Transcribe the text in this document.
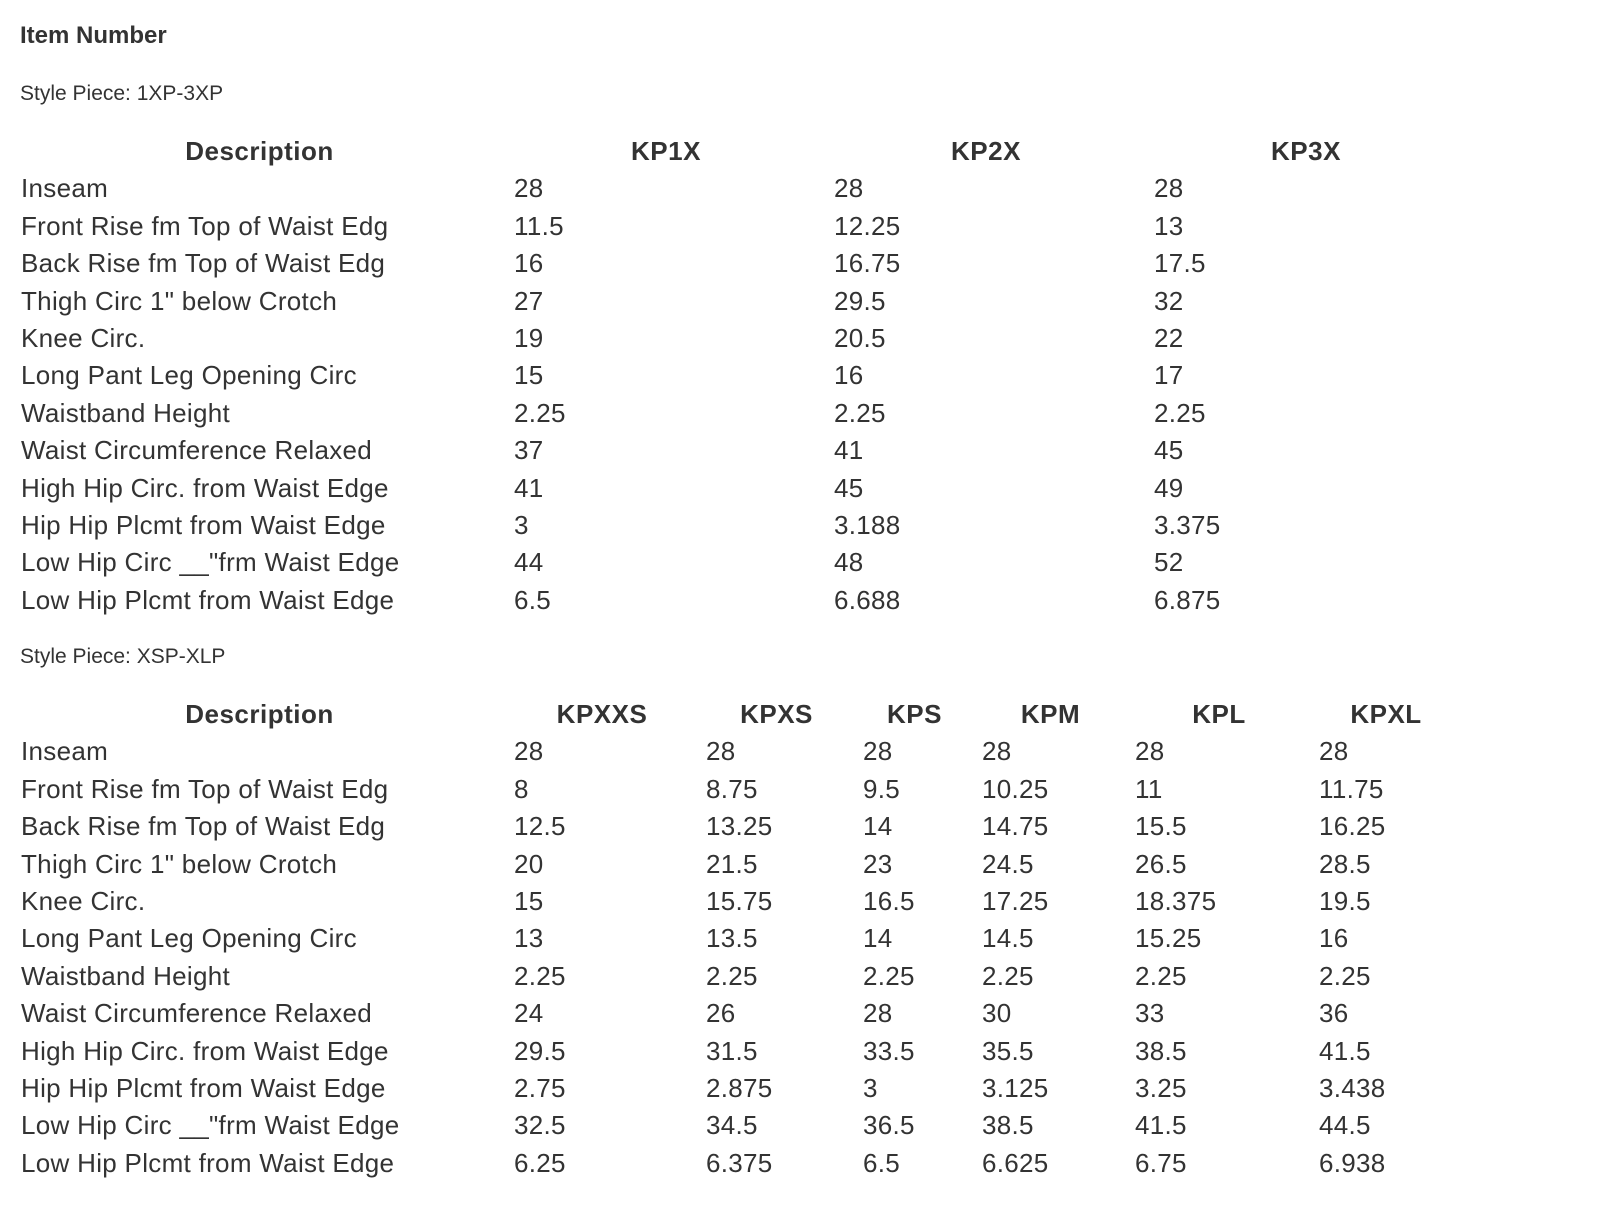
Item Number
Style Piece: 1XP-3XP
Description	KP1X	KP2X	KP3X
Inseam	28	28	28
Front Rise fm Top of Waist Edg	11.5	12.25	13
Back Rise fm Top of Waist Edg	16	16.75	17.5
Thigh Circ 1" below Crotch	27	29.5	32
Knee Circ.	19	20.5	22
Long Pant Leg Opening Circ	15	16	17
Waistband Height	2.25	2.25	2.25
Waist Circumference Relaxed	37	41	45
High Hip Circ. from Waist Edge	41	45	49
Hip Hip Plcmt from Waist Edge	3	3.188	3.375
Low Hip Circ __"frm Waist Edge	44	48	52
Low Hip Plcmt from Waist Edge	6.5	6.688	6.875
Style Piece: XSP-XLP
Description	KPXXS	KPXS	KPS	KPM	KPL	KPXL
Inseam	28	28	28	28	28	28
Front Rise fm Top of Waist Edg	8	8.75	9.5	10.25	11	11.75
Back Rise fm Top of Waist Edg	12.5	13.25	14	14.75	15.5	16.25
Thigh Circ 1" below Crotch	20	21.5	23	24.5	26.5	28.5
Knee Circ.	15	15.75	16.5	17.25	18.375	19.5
Long Pant Leg Opening Circ	13	13.5	14	14.5	15.25	16
Waistband Height	2.25	2.25	2.25	2.25	2.25	2.25
Waist Circumference Relaxed	24	26	28	30	33	36
High Hip Circ. from Waist Edge	29.5	31.5	33.5	35.5	38.5	41.5
Hip Hip Plcmt from Waist Edge	2.75	2.875	3	3.125	3.25	3.438
Low Hip Circ __"frm Waist Edge	32.5	34.5	36.5	38.5	41.5	44.5
Low Hip Plcmt from Waist Edge	6.25	6.375	6.5	6.625	6.75	6.938
